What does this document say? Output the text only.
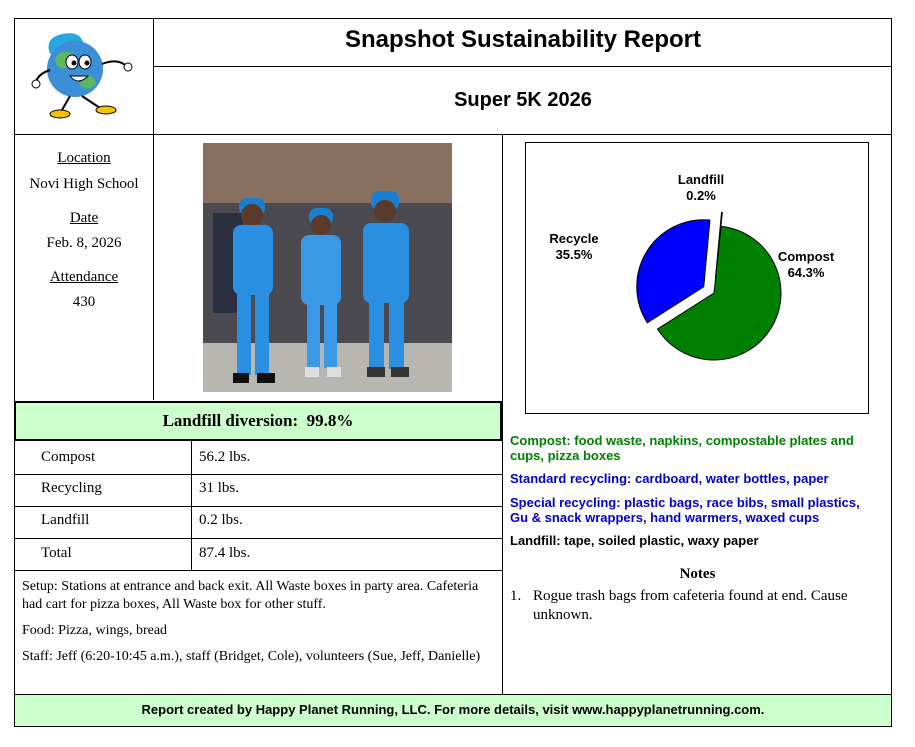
Snapshot Sustainability Report
Super 5K 2026
Location
Novi High School
Date
Feb. 8, 2026
Attendance
430
Compost
64.3%
Recycle
35.5%
Landfill
0.2%
Landfill diversion: 99.8%
Compost	56.2 lbs.
Recycling	31 lbs.
Landfill	0.2 lbs.
Total	87.4 lbs.
Setup: Stations at entrance and back exit. All Waste boxes in party area. Cafeteria had cart for pizza boxes, All Waste box for other stuff.
Food: Pizza, wings, bread
Staff: Jeff (6:20-10:45 a.m.), staff (Bridget, Cole), volunteers (Sue, Jeff, Danielle)
Compost: food waste, napkins, compostable plates and cups, pizza boxes
Standard recycling: cardboard, water bottles, paper
Special recycling: plastic bags, race bibs, small plastics, Gu & snack wrappers, hand warmers, waxed cups
Landfill: tape, soiled plastic, waxy paper
Notes
1. Rogue trash bags from cafeteria found at end. Cause unknown.
Report created by Happy Planet Running, LLC. For more details, visit www.happyplanetrunning.com.
